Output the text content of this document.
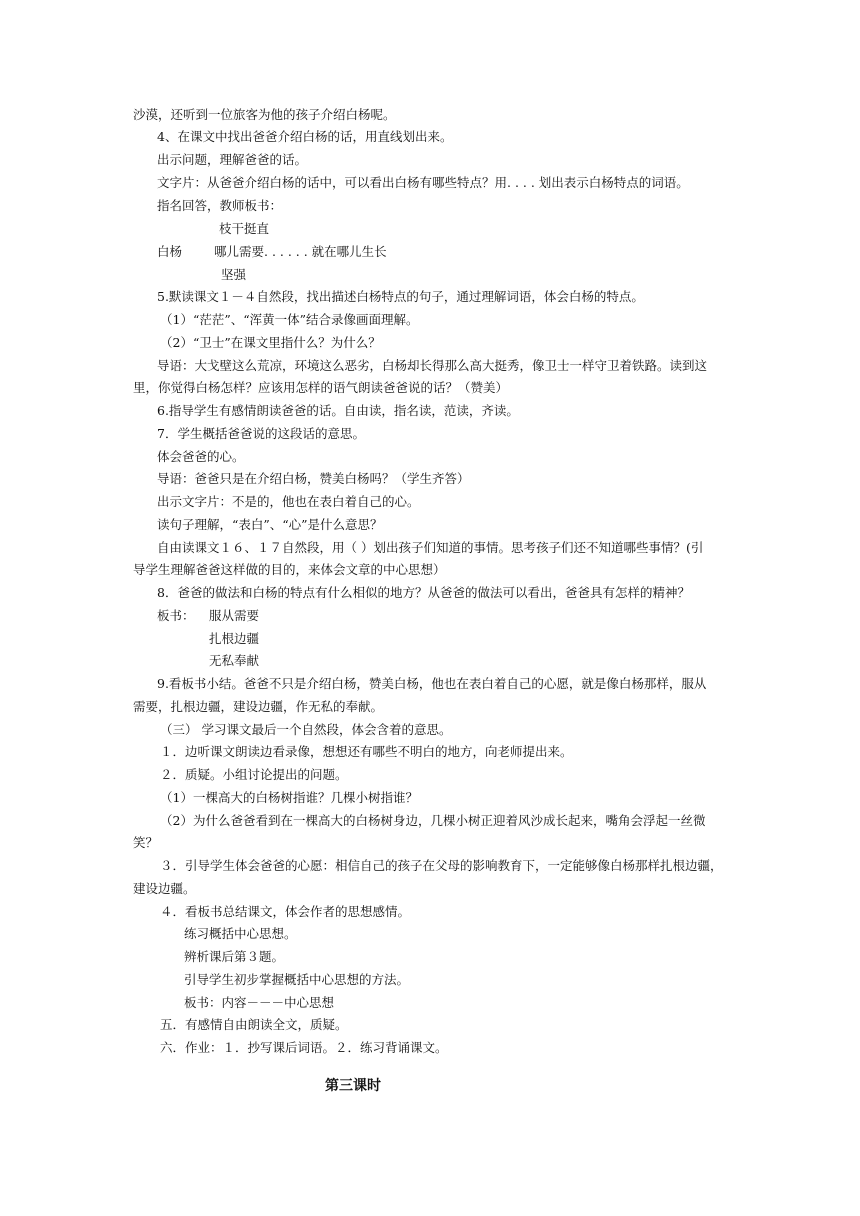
沙漠，还听到一位旅客为他的孩子介绍白杨呢。
4、在课文中找出爸爸介绍白杨的话，用直线划出来。
出示问题，理解爸爸的话。
文字片：从爸爸介绍白杨的话中，可以看出白杨有哪些特点？用. . . . 划出表示白杨特点的词语。
指名回答，教师板书：
枝干挺直
白杨	哪儿需要. . . . . . 就在哪儿生长
坚强
5.默读课文１－４自然段，找出描述白杨特点的句子，通过理解词语，体会白杨的特点。
（1）“茫茫”、“浑黄一体”结合录像画面理解。
（2）“卫士”在课文里指什么？为什么？
导语：大戈壁这么荒凉，环境这么恶劣，白杨却长得那么高大挺秀，像卫士一样守卫着铁路。读到这
里，你觉得白杨怎样？应该用怎样的语气朗读爸爸说的话？（赞美）
6.指导学生有感情朗读爸爸的话。自由读，指名读，范读，齐读。
7．学生概括爸爸说的这段话的意思。
体会爸爸的心。
导语：爸爸只是在介绍白杨，赞美白杨吗？（学生齐答）
出示文字片：不是的，他也在表白着自己的心。
读句子理解，“表白”、“心”是什么意思？
自由读课文１６、１７自然段，用（ ）划出孩子们知道的事情。思考孩子们还不知道哪些事情？(引
导学生理解爸爸这样做的目的，来体会文章的中心思想）
8．爸爸的做法和白杨的特点有什么相似的地方？从爸爸的做法可以看出，爸爸具有怎样的精神？
板书： 服从需要
扎根边疆
无私奉献
9.看板书小结。爸爸不只是介绍白杨，赞美白杨，他也在表白着自己的心愿，就是像白杨那样，服从
需要，扎根边疆，建设边疆，作无私的奉献。
（三） 学习课文最后一个自然段，体会含着的意思。
１．边听课文朗读边看录像，想想还有哪些不明白的地方，向老师提出来。
２．质疑。小组讨论提出的问题。
（1）一棵高大的白杨树指谁？几棵小树指谁？
（2）为什么爸爸看到在一棵高大的白杨树身边，几棵小树正迎着风沙成长起来，嘴角会浮起一丝微
笑？
３．引导学生体会爸爸的心愿：相信自己的孩子在父母的影响教育下，一定能够像白杨那样扎根边疆，
建设边疆。
４．看板书总结课文，体会作者的思想感情。
练习概括中心思想。
辨析课后第３题。
引导学生初步掌握概括中心思想的方法。
板书：内容－－－中心思想
五．有感情自由朗读全文，质疑。
六．作业：１．抄写课后词语。２．练习背诵课文。
第三课时
